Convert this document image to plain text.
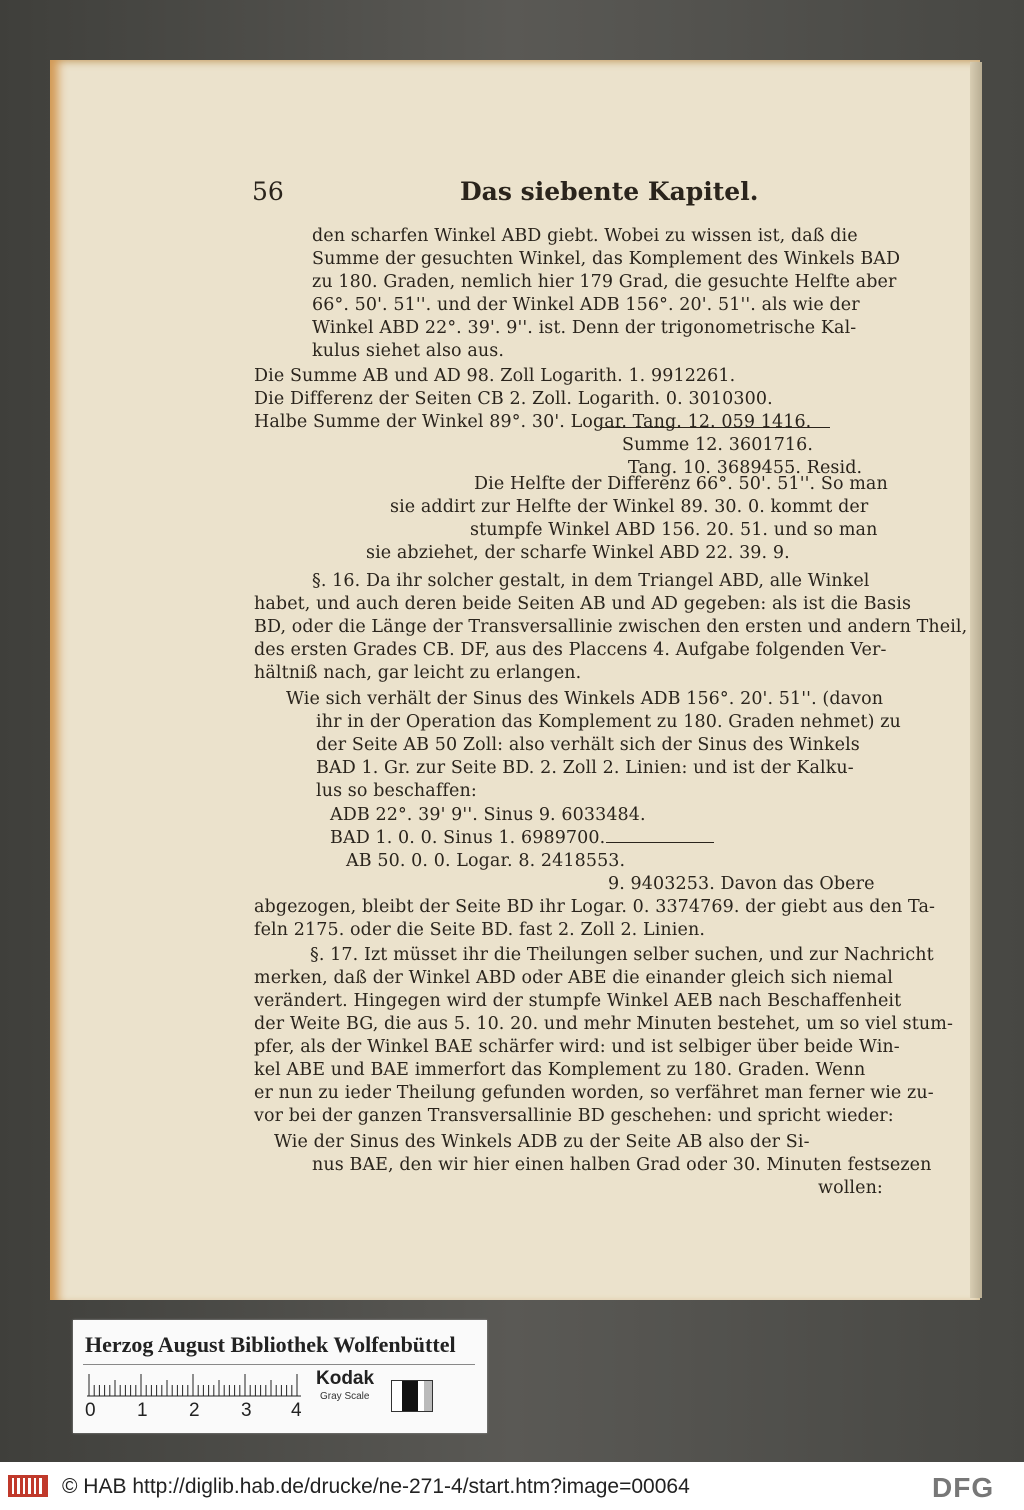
56	Das siebente Kapitel.
den scharfen Winkel ABD giebt. Wobei zu wissen ist, daß die
Summe der gesuchten Winkel, das Komplement des Winkels BAD
zu 180. Graden, nemlich hier 179 Grad, die gesuchte Helfte aber
66°. 50'. 51''. und der Winkel ADB 156°. 20'. 51''. als wie der
Winkel ABD 22°. 39'. 9''. ist. Denn der trigonometrische Kal-
kulus siehet also aus.
Die Summe AB und AD 98. Zoll Logarith. 1. 9912261.
Die Differenz der Seiten CB 2. Zoll. Logarith. 0. 3010300.
Halbe Summe der Winkel 89°. 30'. Logar. Tang. 12. 059 1416.
Summe 12. 3601716.
Tang. 10. 3689455. Resid.
Die Helfte der Differenz 66°. 50'. 51''. So man
sie addirt zur Helfte der Winkel 89. 30. 0. kommt der
stumpfe Winkel ABD 156. 20. 51. und so man
sie abziehet, der scharfe Winkel ABD 22. 39. 9.
§. 16. Da ihr solcher gestalt, in dem Triangel ABD, alle Winkel
habet, und auch deren beide Seiten AB und AD gegeben: als ist die Basis
BD, oder die Länge der Transversallinie zwischen den ersten und andern Theil,
des ersten Grades CB. DF, aus des Placcens 4. Aufgabe folgenden Ver-
hältniß nach, gar leicht zu erlangen.
Wie sich verhält der Sinus des Winkels ADB 156°. 20'. 51''. (davon
ihr in der Operation das Komplement zu 180. Graden nehmet) zu
der Seite AB 50 Zoll: also verhält sich der Sinus des Winkels
BAD 1. Gr. zur Seite BD. 2. Zoll 2. Linien: und ist der Kalku-
lus so beschaffen:
ADB 22°. 39' 9''. Sinus 9. 6033484.
BAD 1. 0. 0. Sinus 1. 6989700.
AB 50. 0. 0. Logar. 8. 2418553.
9. 9403253. Davon das Obere
abgezogen, bleibt der Seite BD ihr Logar. 0. 3374769. der giebt aus den Ta-
feln 2175. oder die Seite BD. fast 2. Zoll 2. Linien.
§. 17. Izt müsset ihr die Theilungen selber suchen, und zur Nachricht
merken, daß der Winkel ABD oder ABE die einander gleich sich niemal
verändert. Hingegen wird der stumpfe Winkel AEB nach Beschaffenheit
der Weite BG, die aus 5. 10. 20. und mehr Minuten bestehet, um so viel stum-
pfer, als der Winkel BAE schärfer wird: und ist selbiger über beide Win-
kel ABE und BAE immerfort das Komplement zu 180. Graden. Wenn
er nun zu ieder Theilung gefunden worden, so verfähret man ferner wie zu-
vor bei der ganzen Transversallinie BD geschehen: und spricht wieder:
Wie der Sinus des Winkels ADB zu der Seite AB also der Si-
nus BAE, den wir hier einen halben Grad oder 30. Minuten festsezen
wollen:
Herzog August Bibliothek Wolfenbüttel
0 1 2 3 4
Kodak
Gray Scale
© HAB http://diglib.hab.de/drucke/ne-271-4/start.htm?image=00064	DFG
